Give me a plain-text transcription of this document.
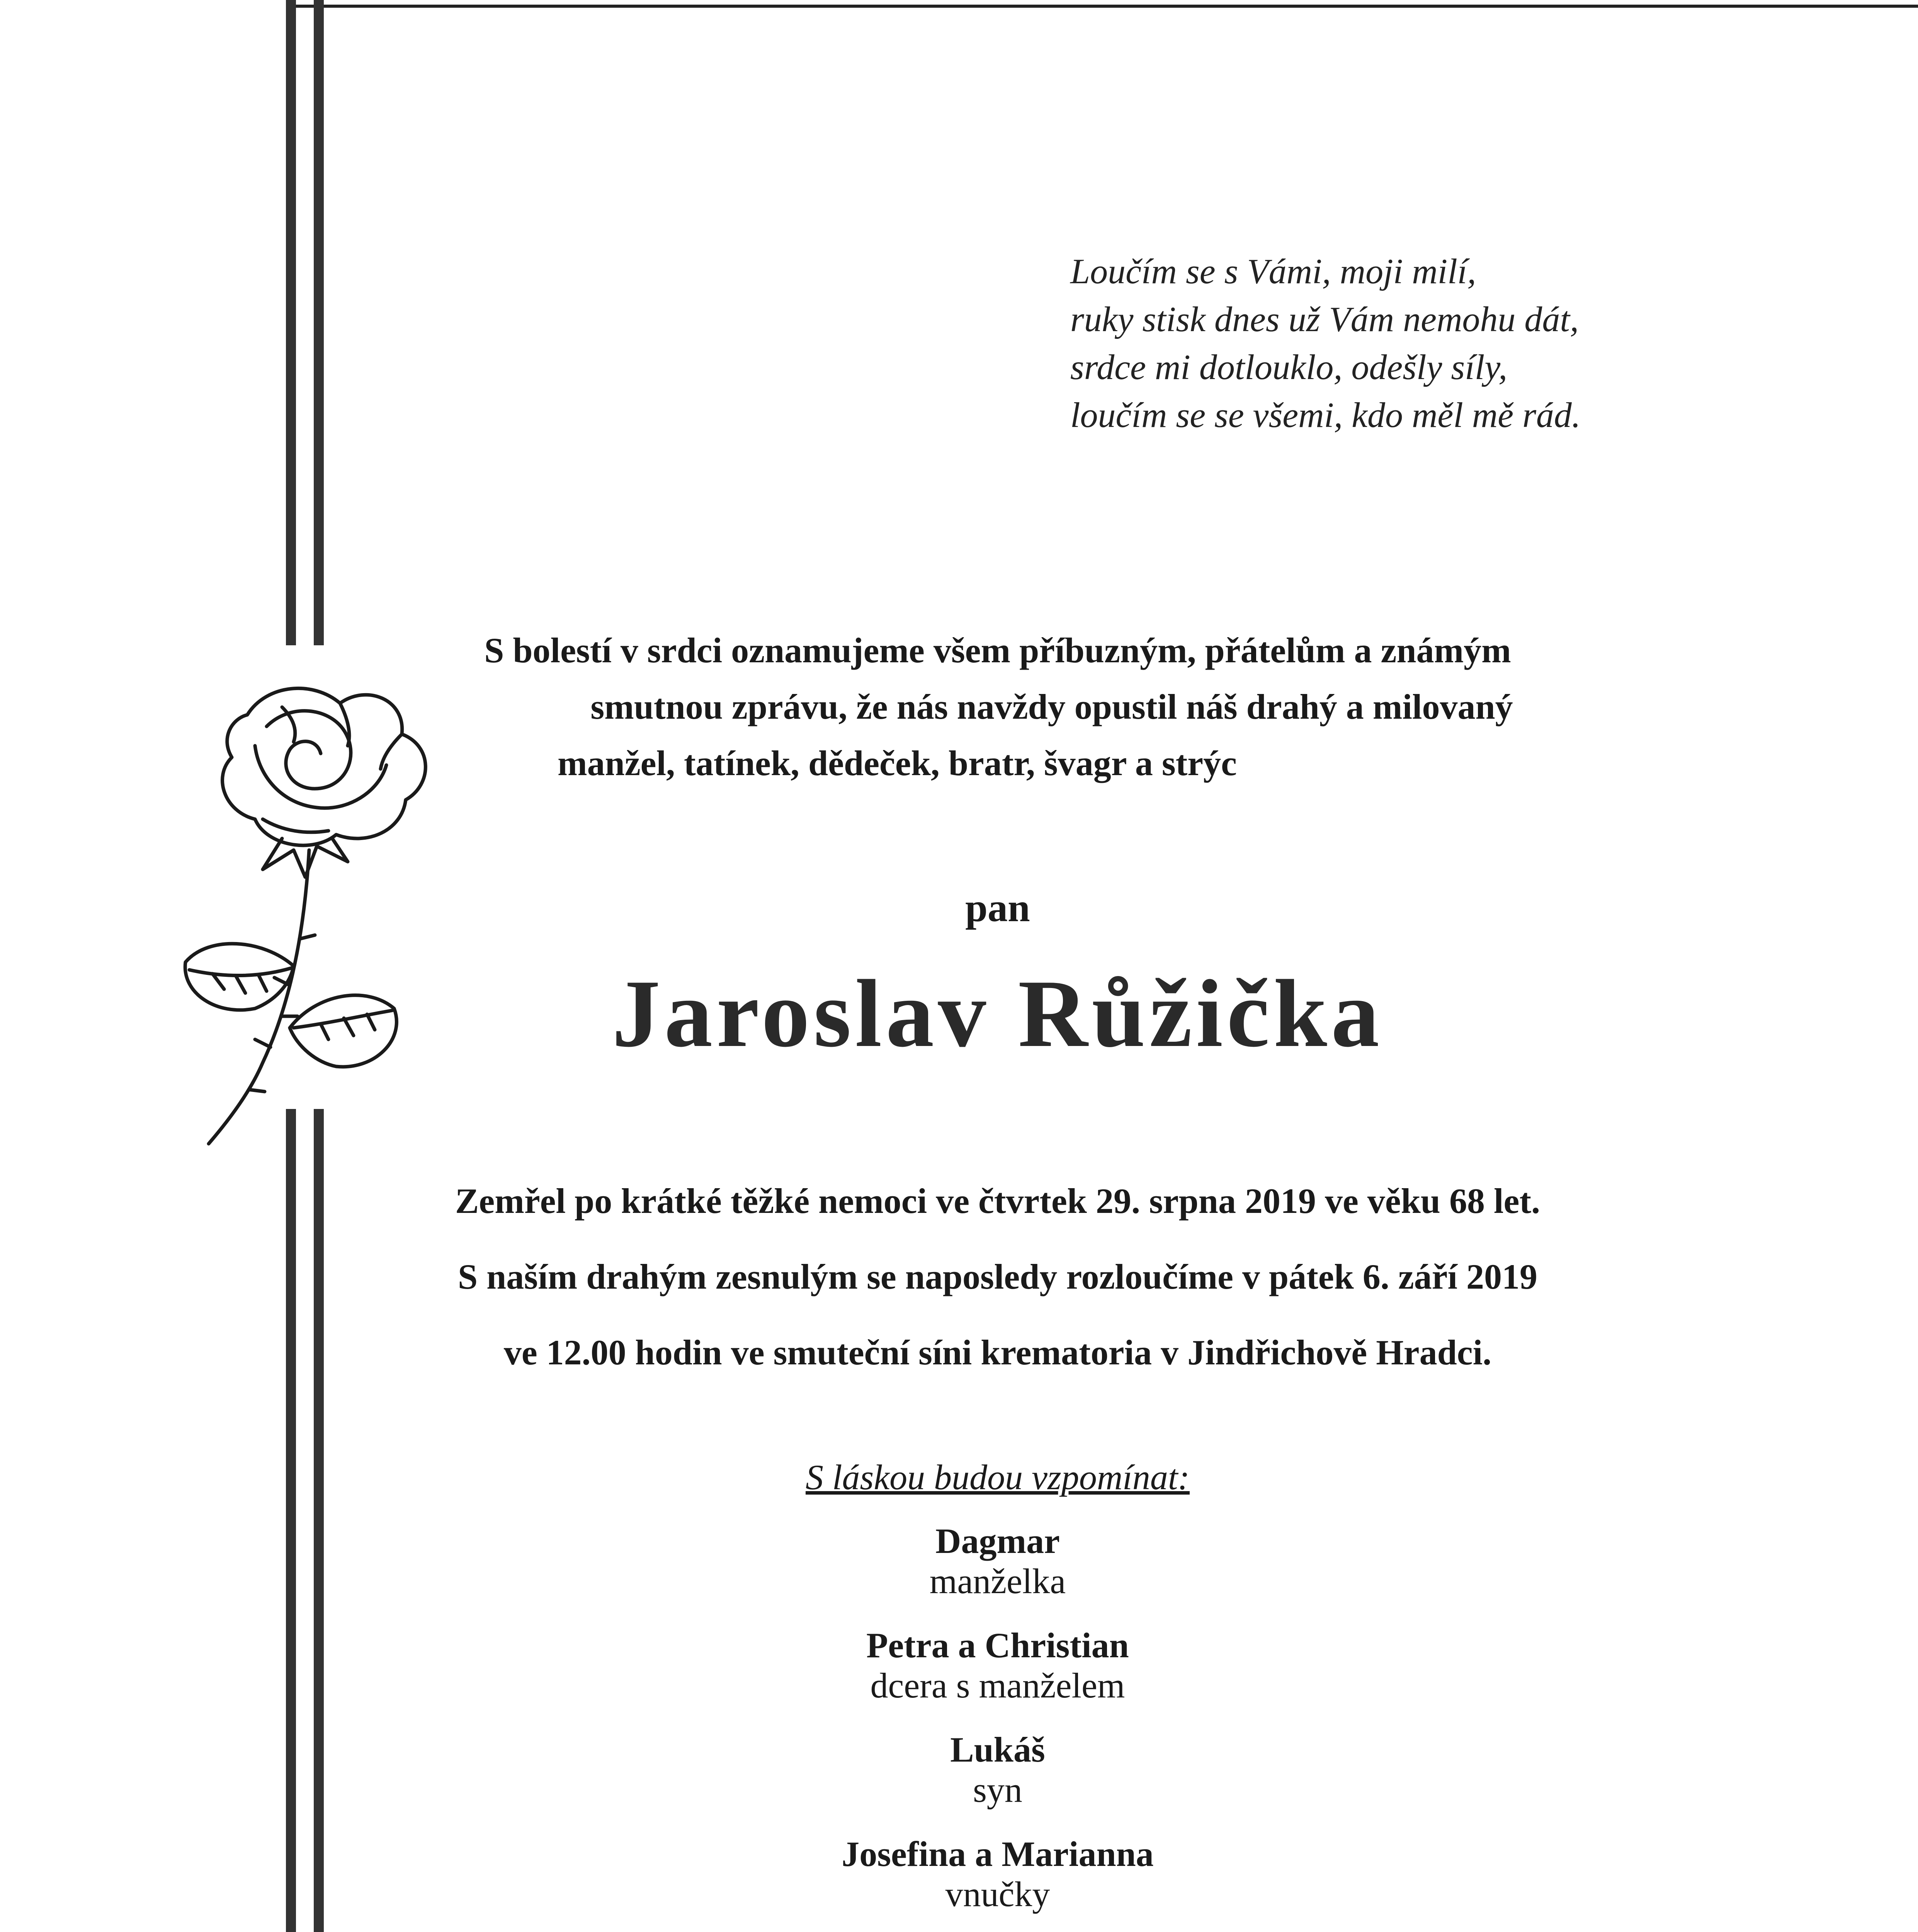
Loučím se s Vámi, moji milí,
ruky stisk dnes už Vám nemohu dát,
srdce mi dotlouklo, odešly síly,
loučím se se všemi, kdo měl mě rád.
S bolestí v srdci oznamujeme všem příbuzným, přátelům a známým
smutnou zprávu, že nás navždy opustil náš drahý a milovaný
manžel, tatínek, dědeček, bratr, švagr a strýc
pan
Jaroslav Růžička
Zemřel po krátké těžké nemoci ve čtvrtek 29. srpna 2019 ve věku 68 let.
S naším drahým zesnulým se naposledy rozloučíme v pátek 6. září 2019
ve 12.00 hodin ve smuteční síni krematoria v Jindřichově Hradci.
S láskou budou vzpomínat:
Dagmar
manželka
Petra a Christian
dcera s manželem
Lukáš
syn
Josefina a Marianna
vnučky
